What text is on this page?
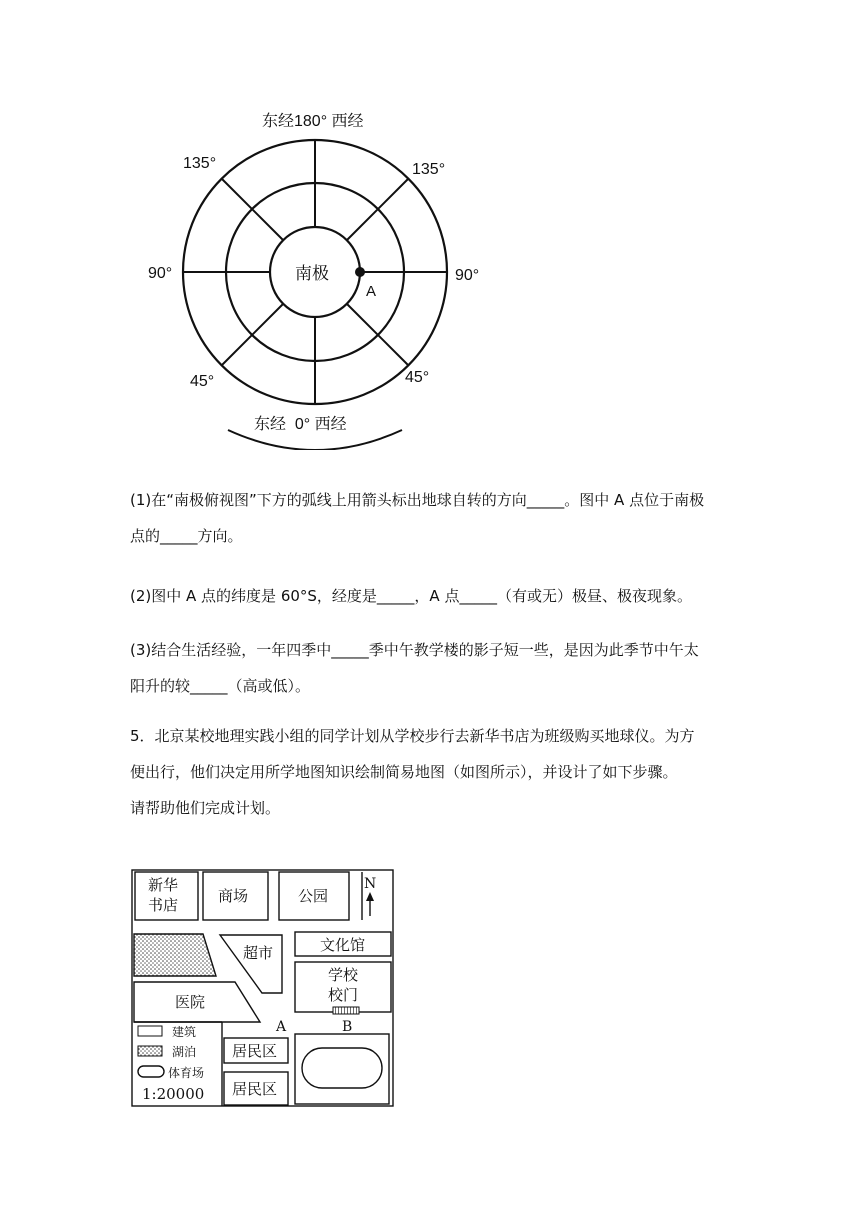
东经180° 西经
135°	135°
90°	90°
45°	45°
A
东经  0° 西经
南极

(1)在“南极俯视图”下方的弧线上用箭头标出地球自转的方向_____。图中 A 点位于南极
点的_____方向。

(2)图中 A 点的纬度是 60°S，经度是_____，A 点_____（有或无）极昼、极夜现象。

(3)结合生活经验，一年四季中_____季中午教学楼的影子短一些，是因为此季节中午太
阳升的较_____（高或低）。

5．北京某校地理实践小组的同学计划从学校步行去新华书店为班级购买地球仪。为方
便出行，他们决定用所学地图知识绘制简易地图（如图所示），并设计了如下步骤。
请帮助他们完成计划。

新华
书店	商场	公园
N
超市	文化馆
学校
校门
医院
A	B
居民区
居民区
建筑
湖泊
体育场
1:20000
